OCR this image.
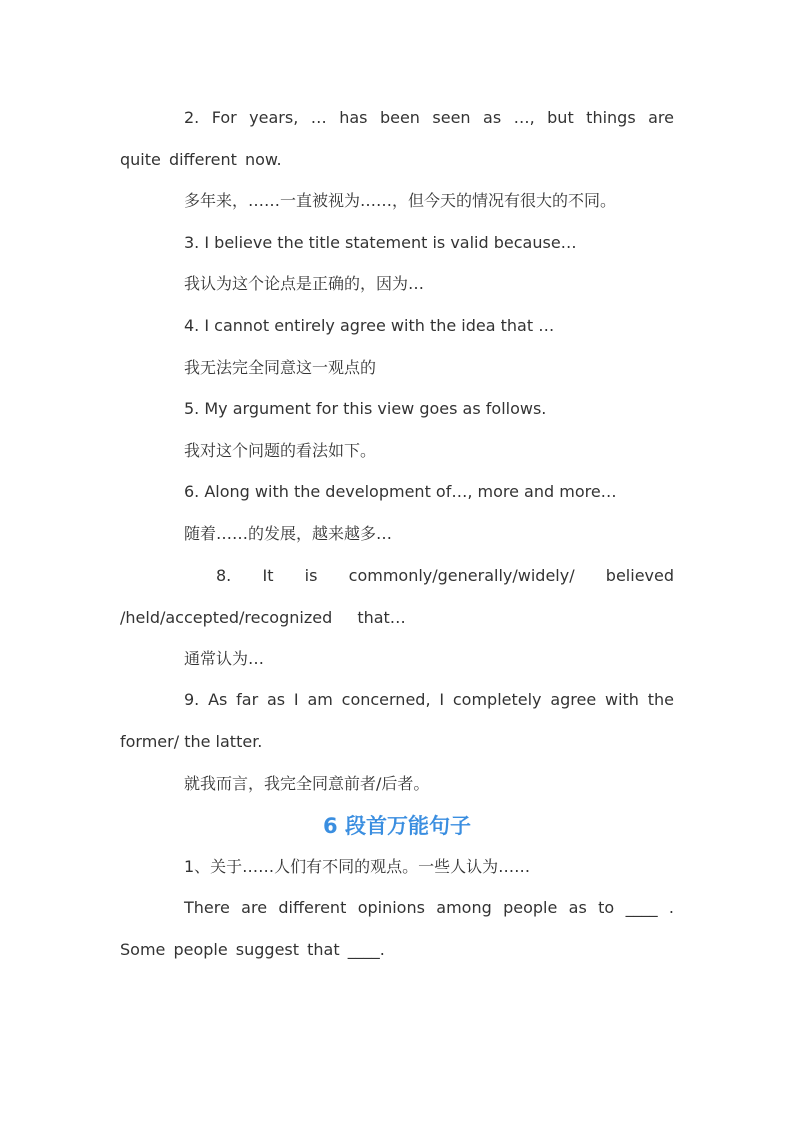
2. For years, … has been seen as …, but things are quite different now.

多年来，……一直被视为……，但今天的情况有很大的不同。

3. I believe the title statement is valid because…

我认为这个论点是正确的，因为…

4. I cannot entirely agree with the idea that …

我无法完全同意这一观点的

5. My argument for this view goes as follows.

我对这个问题的看法如下。

6. Along with the development of…, more and more…

随着……的发展，越来越多…

8. It is commonly/generally/widely/ believed /held/accepted/recognized that…

通常认为…

9. As far as I am concerned, I completely agree with the former/ the latter.

就我而言，我完全同意前者/后者。

6 段首万能句子

1、关于……人们有不同的观点。一些人认为……

There are different opinions among people as to ____ . Some people suggest that ____.
